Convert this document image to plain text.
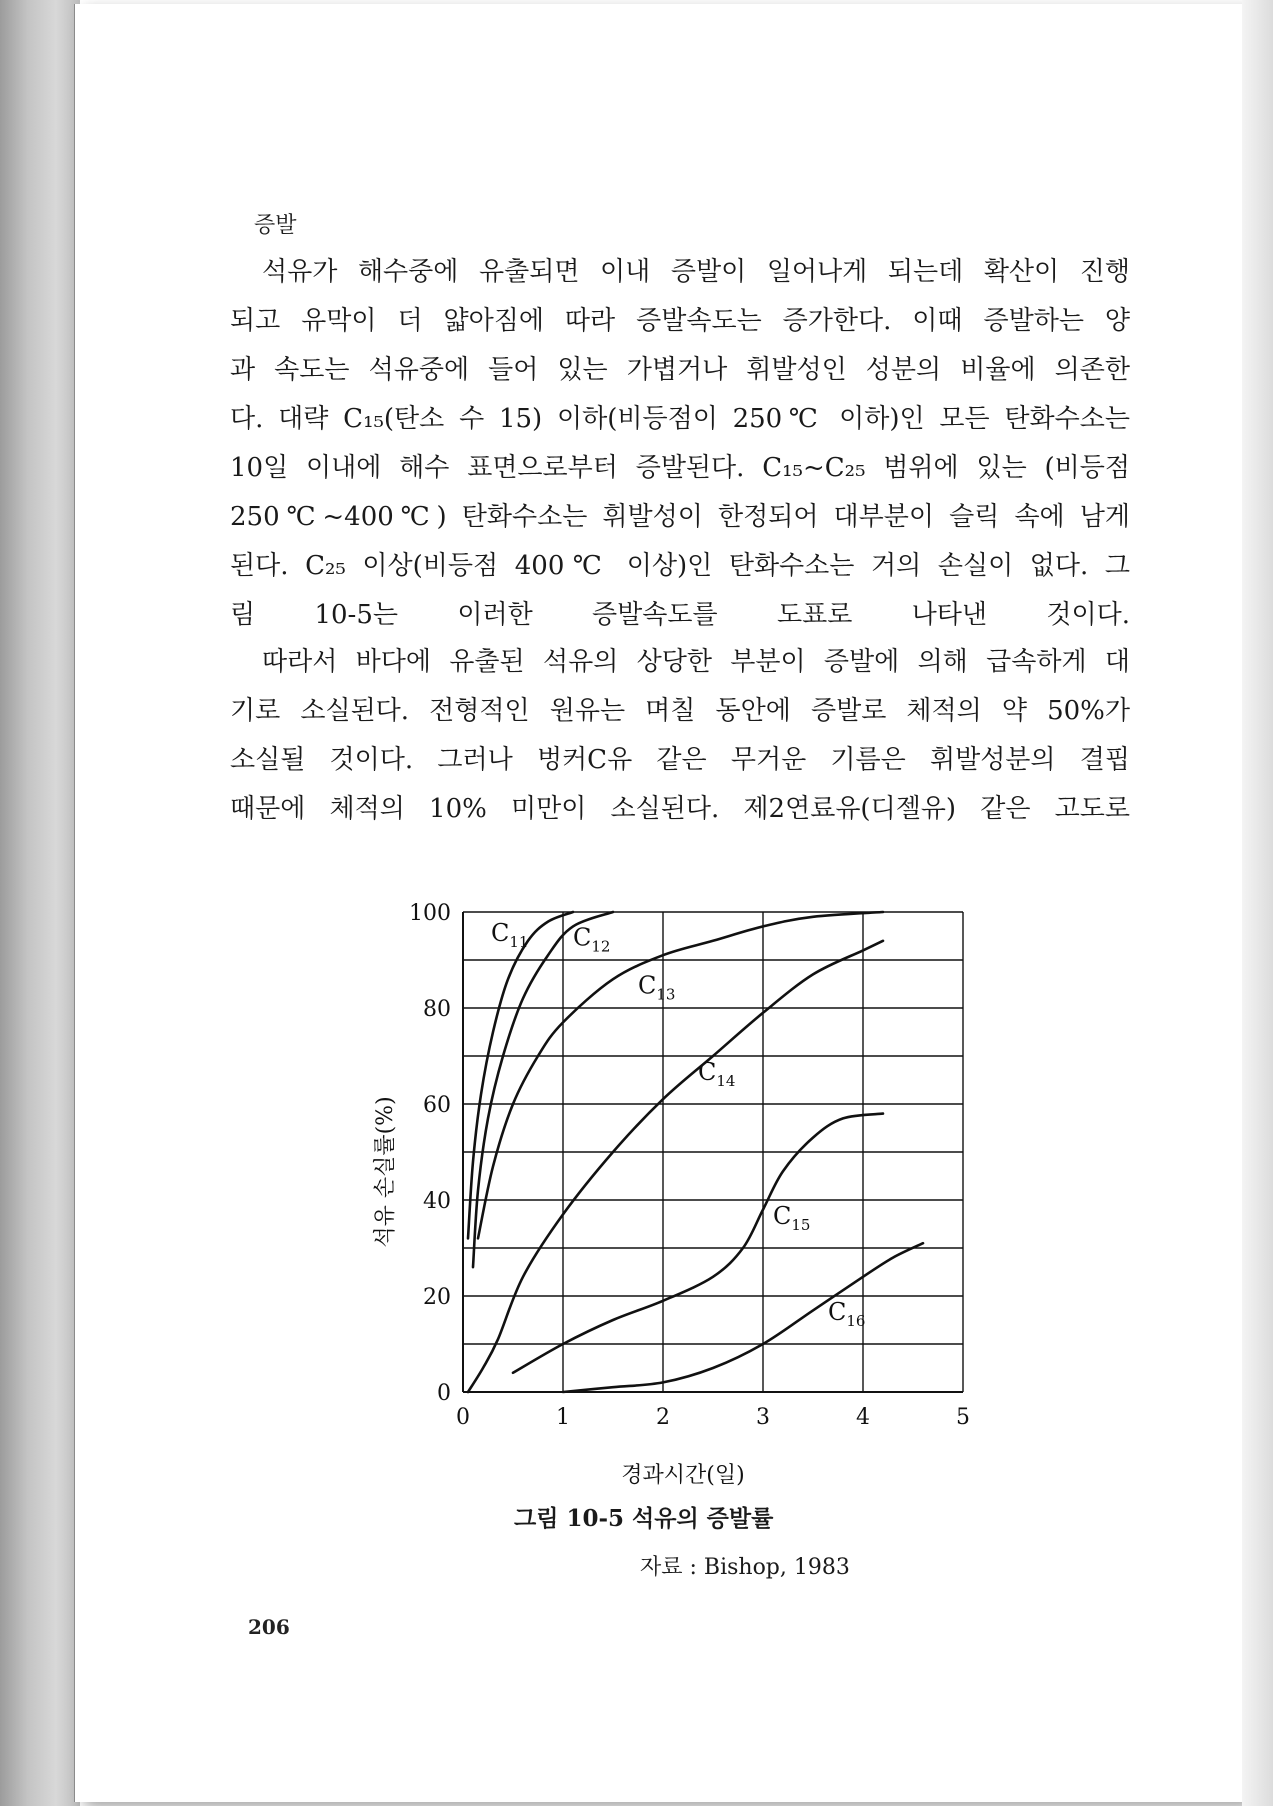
증발
석유가 해수중에 유출되면 이내 증발이 일어나게 되는데 확산이 진행
되고 유막이 더 얇아짐에 따라 증발속도는 증가한다. 이때 증발하는 양
과 속도는 석유중에 들어 있는 가볍거나 휘발성인 성분의 비율에 의존한
다. 대략 C₁₅(탄소 수 15) 이하(비등점이 250℃ 이하)인 모든 탄화수소는
10일 이내에 해수 표면으로부터 증발된다. C₁₅~C₂₅ 범위에 있는 (비등점
250℃~400℃) 탄화수소는 휘발성이 한정되어 대부분이 슬릭 속에 남게
된다. C₂₅ 이상(비등점 400℃ 이상)인 탄화수소는 거의 손실이 없다. 그
림 10-5는 이러한 증발속도를 도표로 나타낸 것이다.
따라서 바다에 유출된 석유의 상당한 부분이 증발에 의해 급속하게 대
기로 소실된다. 전형적인 원유는 며칠 동안에 증발로 체적의 약 50%가
소실될 것이다. 그러나 벙커C유 같은 무거운 기름은 휘발성분의 결핍
때문에 체적의 10% 미만이 소실된다. 제2연료유(디젤유) 같은 고도로
0	1	2	3	4	5
0
20
40
60
80
100
경과시간(일)
석유 손실률(%)
$C_{11}$ $C_{12}$
$C_{13}$
$C_{14}$
$C_{15}$
$C_{16}$
그림 10-5 석유의 증발률
자료 : Bishop, 1983
206
